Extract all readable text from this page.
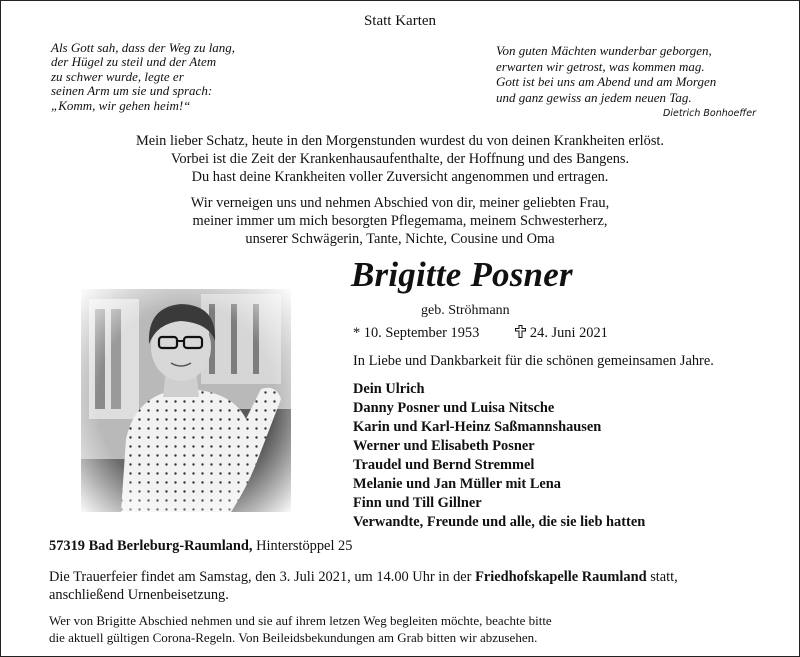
Statt Karten
Als Gott sah, dass der Weg zu lang,
der Hügel zu steil und der Atem
zu schwer wurde, legte er
seinen Arm um sie und sprach:
„Komm, wir gehen heim!“
Von guten Mächten wunderbar geborgen,
erwarten wir getrost, was kommen mag.
Gott ist bei uns am Abend und am Morgen
und ganz gewiss an jedem neuen Tag.
Dietrich Bonhoeffer
Mein lieber Schatz, heute in den Morgenstunden wurdest du von deinen Krankheiten erlöst.
Vorbei ist die Zeit der Krankenhausaufenthalte, der Hoffnung und des Bangens.
Du hast deine Krankheiten voller Zuversicht angenommen und ertragen.
Wir verneigen uns und nehmen Abschied von dir, meiner geliebten Frau,
meiner immer um mich besorgten Pflegemama, meinem Schwesterherz,
unserer Schwägerin, Tante, Nichte, Cousine und Oma
Brigitte Posner
geb. Ströhmann
* 10. September 1953	24. Juni 2021
In Liebe und Dankbarkeit für die schönen gemeinsamen Jahre.
Dein Ulrich
Danny Posner und Luisa Nitsche
Karin und Karl-Heinz Saßmannshausen
Werner und Elisabeth Posner
Traudel und Bernd Stremmel
Melanie und Jan Müller mit Lena
Finn und Till Gillner
Verwandte, Freunde und alle, die sie lieb hatten
57319 Bad Berleburg-Raumland, Hinterstöppel 25
Die Trauerfeier findet am Samstag, den 3. Juli 2021, um 14.00 Uhr in der Friedhofskapelle Raumland statt,
anschließend Urnenbeisetzung.
Wer von Brigitte Abschied nehmen und sie auf ihrem letzen Weg begleiten möchte, beachte bitte
die aktuell gültigen Corona-Regeln. Von Beileidsbekundungen am Grab bitten wir abzusehen.
